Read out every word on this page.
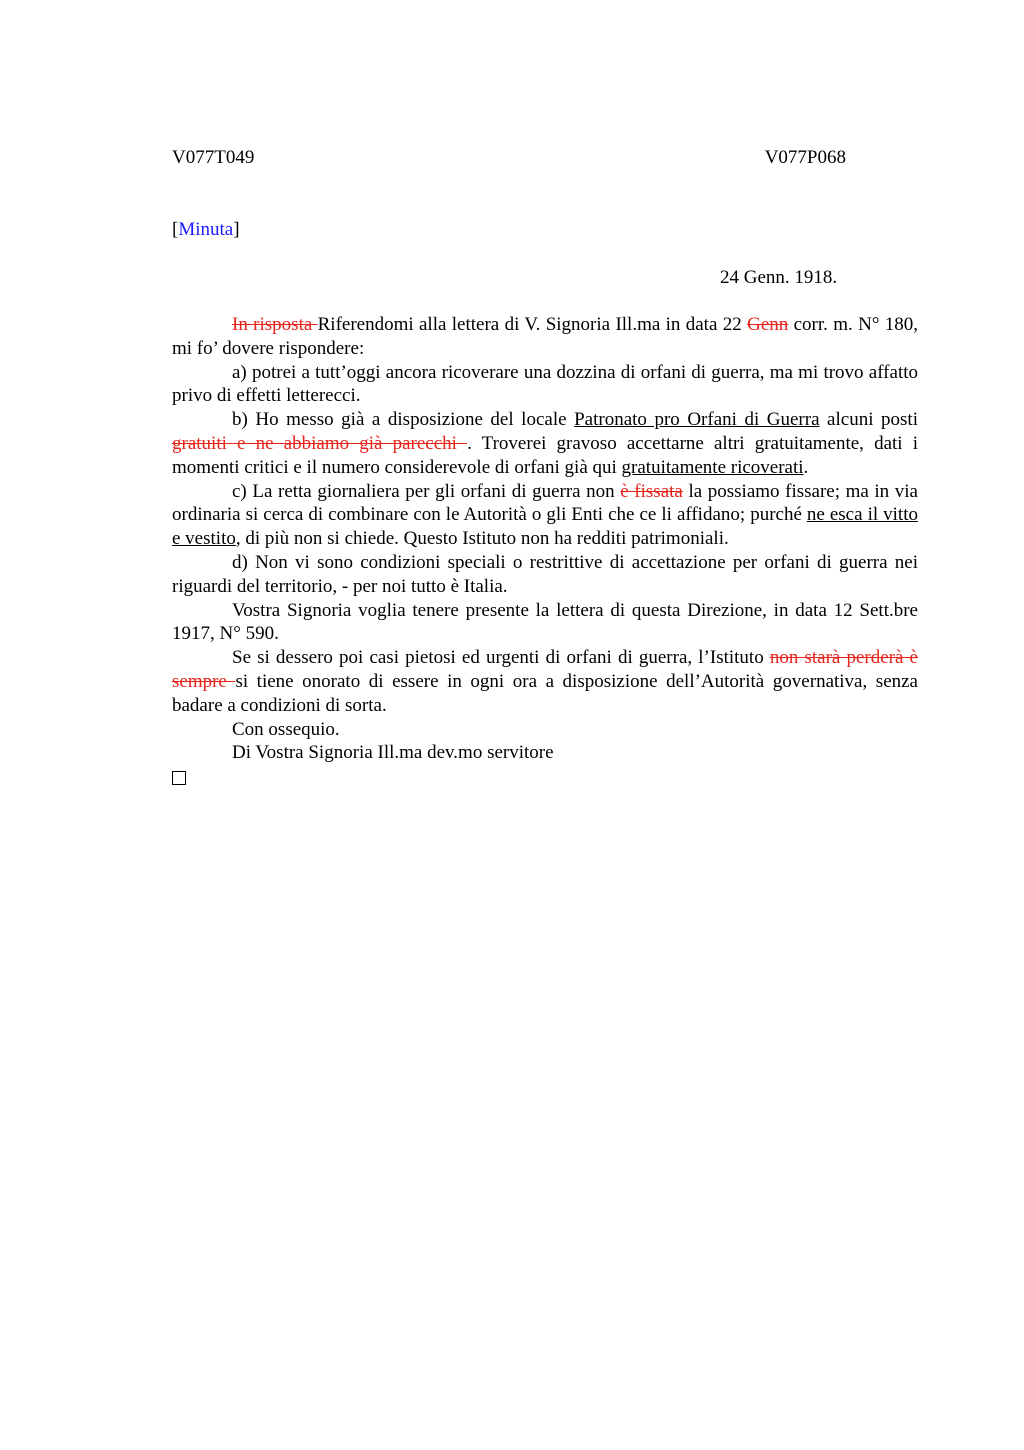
V077T049	V077P068
[Minuta]
24 Genn. 1918.

In risposta Riferendomi alla lettera di V. Signoria Ill.ma in data 22 Genn corr. m. N° 180, mi fo’ dovere rispondere:

a) potrei a tutt’oggi ancora ricoverare una dozzina di orfani di guerra, ma mi trovo affatto privo di effetti letterecci.

b) Ho messo già a disposizione del locale Patronato pro Orfani di Guerra alcuni posti gratuiti e ne abbiamo già parecchi . Troverei gravoso accettarne altri gratuitamente, dati i momenti critici e il numero considerevole di orfani già qui gratuitamente ricoverati.

c) La retta giornaliera per gli orfani di guerra non è fissata la possiamo fissare; ma in via ordinaria si cerca di combinare con le Autorità o gli Enti che ce li affidano; purché ne esca il vitto e vestito, di più non si chiede. Questo Istituto non ha redditi patrimoniali.

d) Non vi sono condizioni speciali o restrittive di accettazione per orfani di guerra nei riguardi del territorio, - per noi tutto è Italia.

Vostra Signoria voglia tenere presente la lettera di questa Direzione, in data 12 Sett.bre 1917, N° 590.

Se si dessero poi casi pietosi ed urgenti di orfani di guerra, l’Istituto non starà perderà è sempre si tiene onorato di essere in ogni ora a disposizione dell’Autorità governativa, senza badare a condizioni di sorta.

Con ossequio.

Di Vostra Signoria Ill.ma dev.mo servitore
